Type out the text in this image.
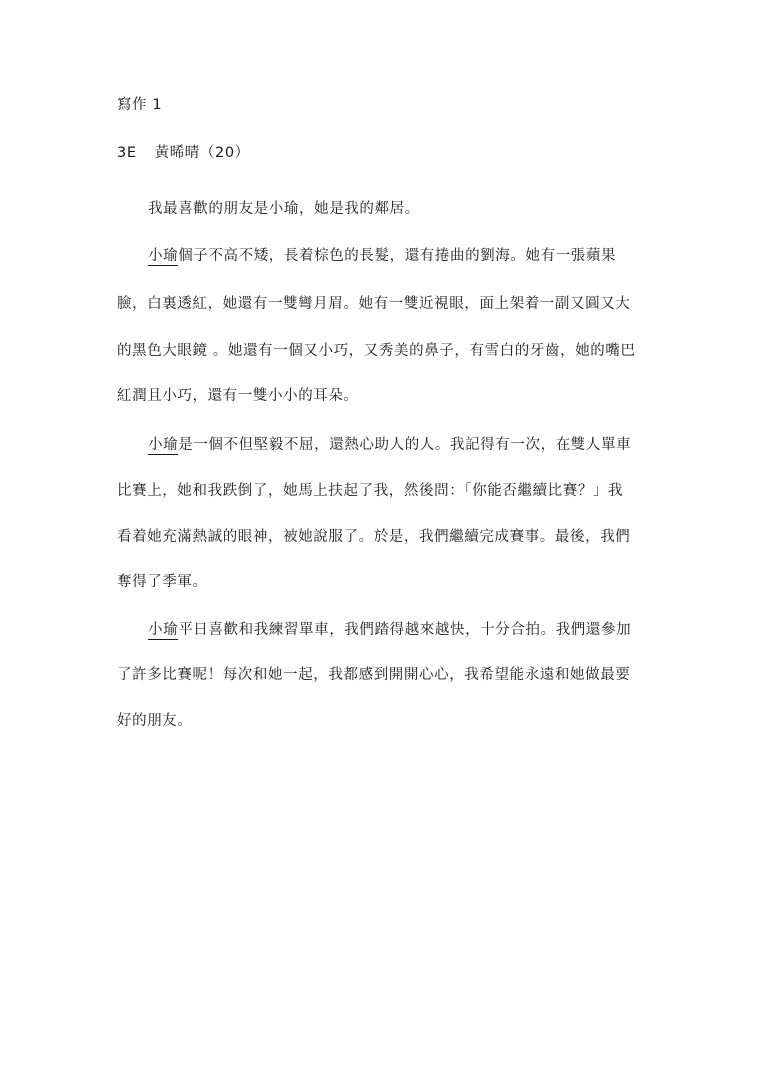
寫作 1
3E 黃晞晴（20）
我最喜歡的朋友是小瑜，她是我的鄰居。
小瑜個子不高不矮，長着棕色的長髮，還有捲曲的劉海。她有一張蘋果
臉，白裏透紅，她還有一雙彎月眉。她有一雙近視眼，面上架着一副又圓又大
的黑色大眼鏡 。她還有一個又小巧，又秀美的鼻子，有雪白的牙齒，她的嘴巴
紅潤且小巧，還有一雙小小的耳朵。
小瑜是一個不但堅毅不屈，還熱心助人的人。我記得有一次，在雙人單車
比賽上，她和我跌倒了，她馬上扶起了我，然後問：「你能否繼續比賽？」我
看着她充滿熱誠的眼神，被她說服了。於是，我們繼續完成賽事。最後，我們
奪得了季軍。
小瑜平日喜歡和我練習單車，我們踏得越來越快，十分合拍。我們還參加
了許多比賽呢！每次和她一起，我都感到開開心心，我希望能永遠和她做最要
好的朋友。
